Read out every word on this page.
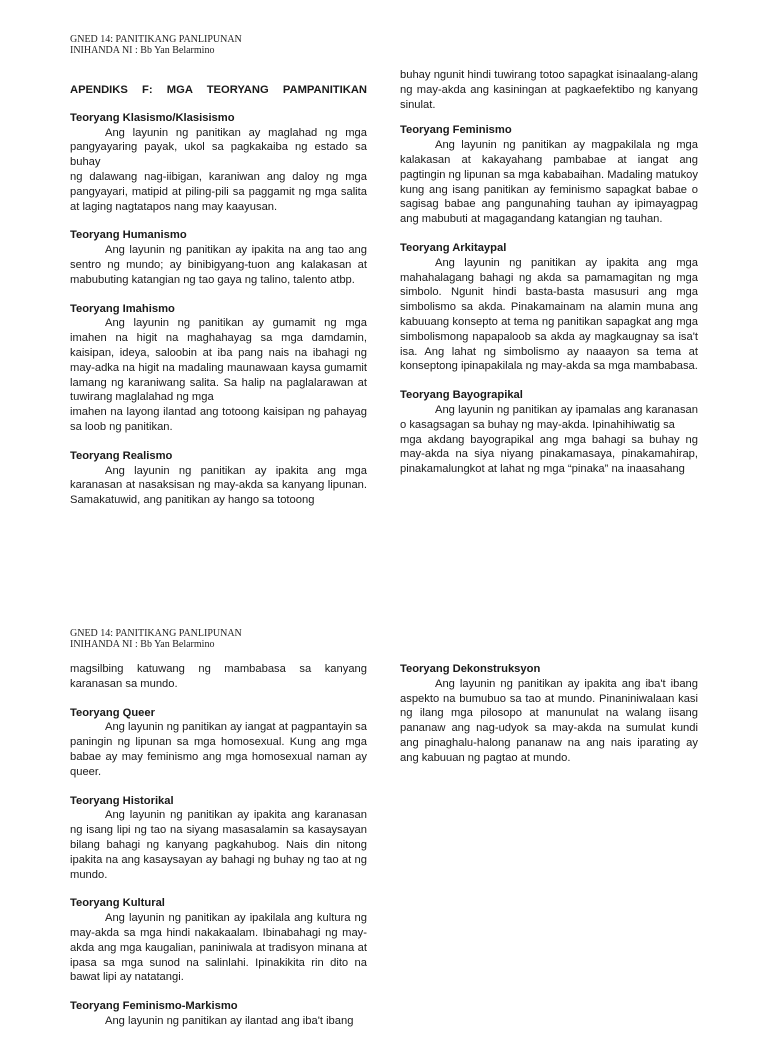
GNED 14: PANITIKANG PANLIPUNAN
INIHANDA NI : Bb Yan Belarmino

APENDIKS F: MGA TEORYANG PAMPANITIKAN

Teoryang Klasismo/Klasisismo

Ang layunin ng panitikan ay maglahad ng mga pangyayaring payak, ukol sa pagkakaiba ng estado sa buhay

ng dalawang nag-iibigan, karaniwan ang daloy ng mga pangyayari, matipid at piling-pili sa paggamit ng mga salita at laging nagtatapos nang may kaayusan.

Teoryang Humanismo

Ang layunin ng panitikan ay ipakita na ang tao ang sentro ng mundo; ay binibigyang-tuon ang kalakasan at mabubuting katangian ng tao gaya ng talino, talento atbp.

Teoryang Imahismo

Ang layunin ng panitikan ay gumamit ng mga imahen na higit na maghahayag sa mga damdamin, kaisipan, ideya, saloobin at iba pang nais na ibahagi ng may-adka na higit na madaling maunawaan kaysa gumamit lamang ng karaniwang salita. Sa halip na paglalarawan at tuwirang maglalahad ng mga

imahen na layong ilantad ang totoong kaisipan ng pahayag sa loob ng panitikan.

Teoryang Realismo

Ang layunin ng panitikan ay ipakita ang mga karanasan at nasaksisan ng may-akda sa kanyang lipunan. Samakatuwid, ang panitikan ay hango sa totoong

buhay ngunit hindi tuwirang totoo sapagkat isinaalang-alang ng may-akda ang kasiningan at pagkaefektibo ng kanyang sinulat.

Teoryang Feminismo

Ang layunin ng panitikan ay magpakilala ng mga kalakasan at kakayahang pambabae at iangat ang pagtingin ng lipunan sa mga kababaihan. Madaling matukoy kung ang isang panitikan ay feminismo sapagkat babae o sagisag babae ang pangunahing tauhan ay ipimayagpag ang mabubuti at magagandang katangian ng tauhan.

Teoryang Arkitaypal

Ang layunin ng panitikan ay ipakita ang mga mahahalagang bahagi ng akda sa pamamagitan ng mga simbolo. Ngunit hindi basta-basta masusuri ang mga simbolismo sa akda. Pinakamainam na alamin muna ang kabuuang konsepto at tema ng panitikan sapagkat ang mga simbolismong napapaloob sa akda ay magkaugnay sa isa't isa. Ang lahat ng simbolismo ay naaayon sa tema at konseptong ipinapakilala ng may-akda sa mga mambabasa.

Teoryang Bayograpikal

Ang layunin ng panitikan ay ipamalas ang karanasan o kasagsagan sa buhay ng may-akda. Ipinahihiwatig sa

mga akdang bayograpikal ang mga bahagi sa buhay ng may-akda na siya niyang pinakamasaya, pinakamahirap, pinakamalungkot at lahat ng mga “pinaka” na inaasahang

GNED 14: PANITIKANG PANLIPUNAN
INIHANDA NI : Bb Yan Belarmino

magsilbing katuwang ng mambabasa sa kanyang karanasan sa mundo.

Teoryang Queer

Ang layunin ng panitikan ay iangat at pagpantayin sa paningin ng lipunan sa mga homosexual. Kung ang mga babae ay may feminismo ang mga homosexual naman ay queer.

Teoryang Historikal

Ang layunin ng panitikan ay ipakita ang karanasan ng isang lipi ng tao na siyang masasalamin sa kasaysayan bilang bahagi ng kanyang pagkahubog. Nais din nitong ipakita na ang kasaysayan ay bahagi ng buhay ng tao at ng mundo.

Teoryang Kultural

Ang layunin ng panitikan ay ipakilala ang kultura ng may-akda sa mga hindi nakakaalam. Ibinabahagi ng may-akda ang mga kaugalian, paniniwala at tradisyon minana at ipasa sa mga sunod na salinlahi. Ipinakikita rin dito na bawat lipi ay natatangi.

Teoryang Feminismo-Markismo

Ang layunin ng panitikan ay ilantad ang iba't ibang

Teoryang Dekonstruksyon

Ang layunin ng panitikan ay ipakita ang iba't ibang aspekto na bumubuo sa tao at mundo. Pinaniniwalaan kasi ng ilang mga pilosopo at manunulat na walang iisang pananaw ang nag-udyok sa may-akda na sumulat kundi ang pinaghalu-halong pananaw na ang nais iparating ay ang kabuuan ng pagtao at mundo.
